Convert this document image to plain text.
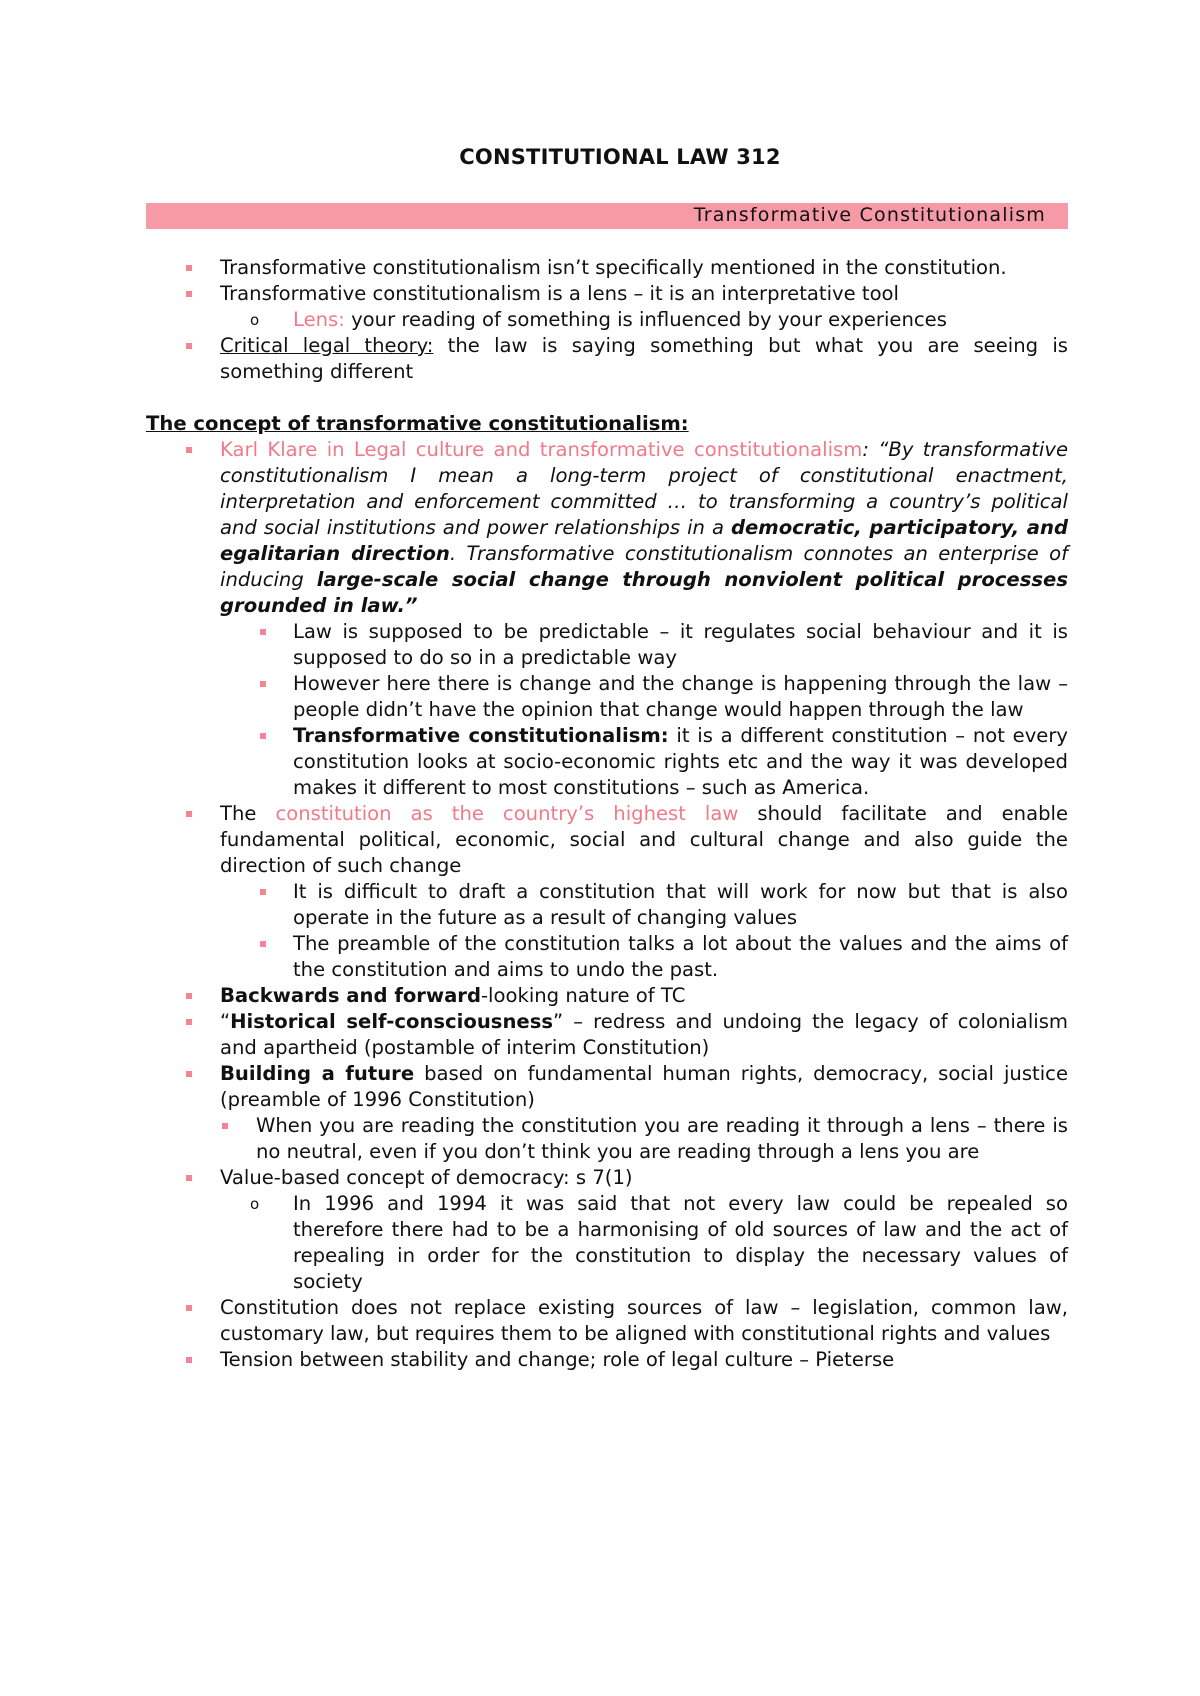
CONSTITUTIONAL LAW 312
Transformative Constitutionalism
Transformative constitutionalism isn’t specifically mentioned in the constitution.
Transformative constitutionalism is a lens – it is an interpretative tool
o Lens: your reading of something is influenced by your experiences
Critical legal theory: the law is saying something but what you are seeing is something different
The concept of transformative constitutionalism:
Karl Klare in Legal culture and transformative constitutionalism: “By transformative constitutionalism I mean a long-term project of constitutional enactment, interpretation and enforcement committed … to transforming a country’s political and social institutions and power relationships in a democratic, participatory, and egalitarian direction. Transformative constitutionalism connotes an enterprise of inducing large-scale social change through nonviolent political processes grounded in law.”
Law is supposed to be predictable – it regulates social behaviour and it is supposed to do so in a predictable way
However here there is change and the change is happening through the law – people didn’t have the opinion that change would happen through the law
Transformative constitutionalism: it is a different constitution – not every constitution looks at socio-economic rights etc and the way it was developed makes it different to most constitutions – such as America.
The constitution as the country’s highest law should facilitate and enable fundamental political, economic, social and cultural change and also guide the direction of such change
It is difficult to draft a constitution that will work for now but that is also operate in the future as a result of changing values
The preamble of the constitution talks a lot about the values and the aims of the constitution and aims to undo the past.
Backwards and forward-looking nature of TC
“Historical self-consciousness” – redress and undoing the legacy of colonialism and apartheid (postamble of interim Constitution)
Building a future based on fundamental human rights, democracy, social justice (preamble of 1996 Constitution)
When you are reading the constitution you are reading it through a lens – there is no neutral, even if you don’t think you are reading through a lens you are
Value-based concept of democracy: s 7(1)
o In 1996 and 1994 it was said that not every law could be repealed so therefore there had to be a harmonising of old sources of law and the act of repealing in order for the constitution to display the necessary values of society
Constitution does not replace existing sources of law – legislation, common law, customary law, but requires them to be aligned with constitutional rights and values
Tension between stability and change; role of legal culture – Pieterse
